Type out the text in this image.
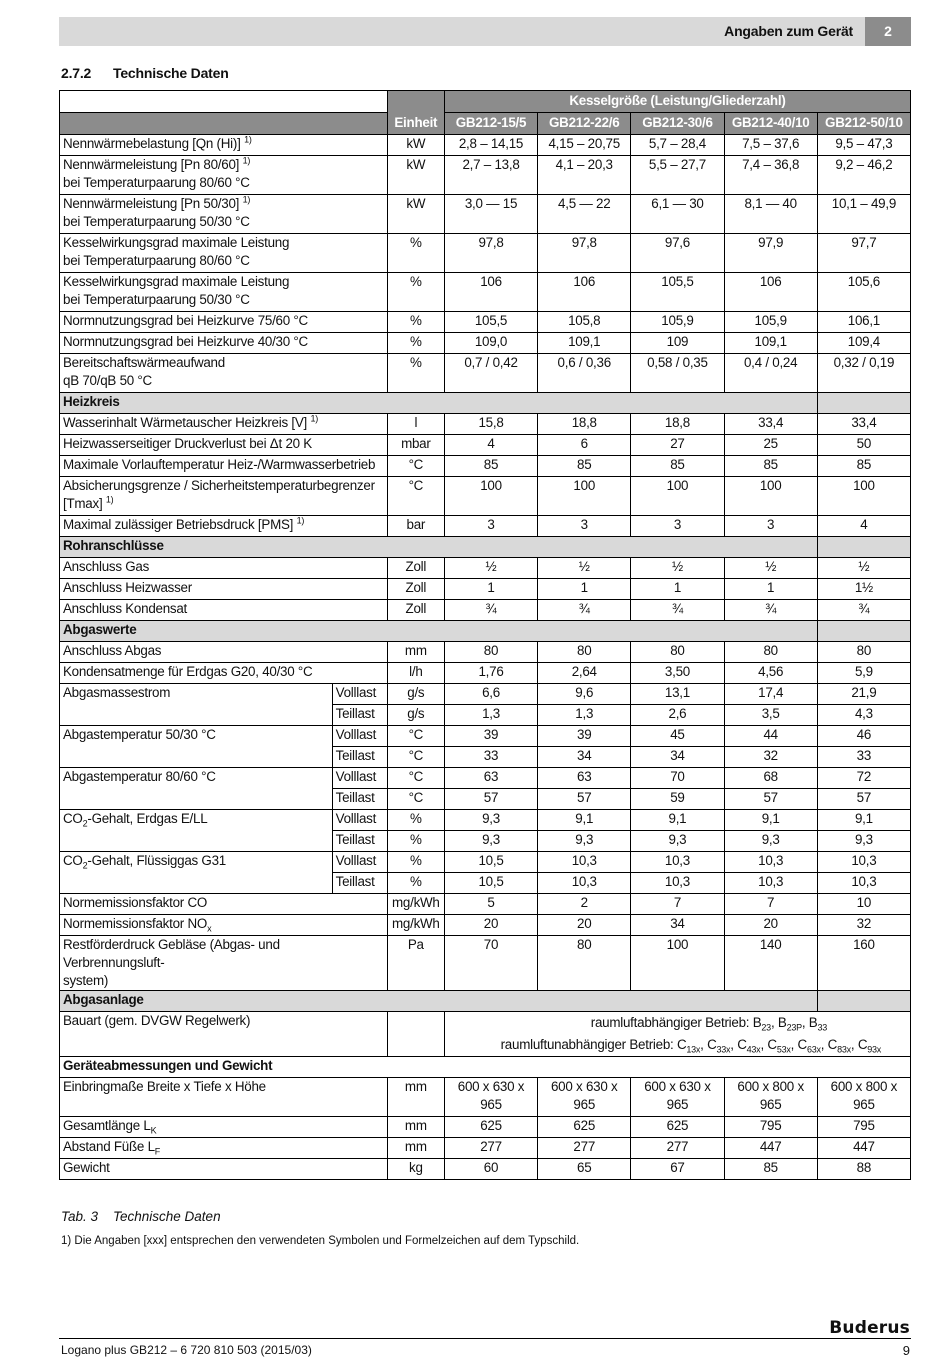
Angaben zum Gerät	2
2.7.2 Technische Daten
			Kesselgröße (Leistung/Gliederzahl)				
		Einheit	GB212-15/5	GB212-22/6	GB212-30/6	GB212-40/10	GB212-50/10
Nennwärmebelastung [Qn (Hi)] $^{1)}$		kW	2,8 – 14,15	4,15 – 20,75	5,7 – 28,4	7,5 – 37,6	9,5 – 47,3
Nennwärmeleistung [Pn 80/60] $^{1)}$
bei Temperaturpaarung 80/60 °C		kW	2,7 – 13,8	4,1 – 20,3	5,5 – 27,7	7,4 – 36,8	9,2 – 46,2
Nennwärmeleistung [Pn 50/30] $^{1)}$
bei Temperaturpaarung 50/30 °C		kW	3,0 — 15	4,5 — 22	6,1 — 30	8,1 — 40	10,1 – 49,9
Kesselwirkungsgrad maximale Leistung
bei Temperaturpaarung 80/60 °C		%	97,8	97,8	97,6	97,9	97,7
Kesselwirkungsgrad maximale Leistung
bei Temperaturpaarung 50/30 °C		%	106	106	105,5	106	105,6
Normnutzungsgrad bei Heizkurve 75/60 °C		%	105,5	105,8	105,9	105,9	106,1
Normnutzungsgrad bei Heizkurve 40/30 °C		%	109,0	109,1	109	109,1	109,4
Bereitschaftswärmeaufwand
qB 70/qB 50 °C		%	0,7 / 0,42	0,6 / 0,36	0,58 / 0,35	0,4 / 0,24	0,32 / 0,19
Heizkreis							
Wasserinhalt Wärmetauscher Heizkreis [V] $^{1)}$		l	15,8	18,8	18,8	33,4	33,4
Heizwasserseitiger Druckverlust bei Δt 20 K		mbar	4	6	27	25	50
Maximale Vorlauftemperatur Heiz-/Warmwasserbetrieb		°C	85	85	85	85	85
Absicherungsgrenze / Sicherheitstemperaturbegrenzer
[Tmax] $^{1)}$		°C	100	100	100	100	100
Maximal zulässiger Betriebsdruck [PMS] $^{1)}$		bar	3	3	3	3	4
Rohranschlüsse							
Anschluss Gas		Zoll	½	½	½	½	½
Anschluss Heizwasser		Zoll	1	1	1	1	1½
Anschluss Kondensat		Zoll	¾	¾	¾	¾	¾
Abgaswerte							
Anschluss Abgas		mm	80	80	80	80	80
Kondensatmenge für Erdgas G20, 40/30 °C		l/h	1,76	2,64	3,50	4,56	5,9
Abgasmassestrom	Volllast	g/s	6,6	9,6	13,1	17,4	21,9
	Teillast	g/s	1,3	1,3	2,6	3,5	4,3
Abgastemperatur 50/30 °C	Volllast	°C	39	39	45	44	46
	Teillast	°C	33	34	34	32	33
Abgastemperatur 80/60 °C	Volllast	°C	63	63	70	68	72
	Teillast	°C	57	57	59	57	57
$CO_2$-Gehalt, Erdgas E/LL	Volllast	%	9,3	9,1	9,1	9,1	9,1
	Teillast	%	9,3	9,3	9,3	9,3	9,3
$CO_2$-Gehalt, Flüssiggas G31	Volllast	%	10,5	10,3	10,3	10,3	10,3
	Teillast	%	10,5	10,3	10,3	10,3	10,3
Normemissionsfaktor CO		mg/kWh	5	2	7	7	10
Normemissionsfaktor $NO_x$		mg/kWh	20	20	34	20	32
Restförderdruck Gebläse (Abgas- und Verbrennungsluft-
system)		Pa	70	80	100	140	160
Abgasanlage							
Bauart (gem. DVGW Regelwerk)			raumluftabhängiger Betrieb: $B_{23}$, $B_{23P}$, $B_{33}$
raumluftunabhängiger Betrieb: $C_{13x}$, $C_{33x}$, $C_{43x}$, $C_{53x}$, $C_{63x}$, $C_{83x}$, $C_{93x}$

Geräteabmessungen und Gewicht							
Einbringmaße Breite x Tiefe x Höhe		mm	600 x 630 x 965	600 x 630 x 965	600 x 630 x 965	600 x 800 x 965	600 x 800 x 965
Gesamtlänge $L_K$		mm	625	625	625	795	795
Abstand Füße $L_F$		mm	277	277	277	447	447
Gewicht		kg	60	65	67	85	88
Tab. 3 Technische Daten
1) Die Angaben [xxx] entsprechen den verwendeten Symbolen und Formelzeichen auf dem Typschild.
Buderus
Logano plus GB212 – 6 720 810 503 (2015/03)	9
